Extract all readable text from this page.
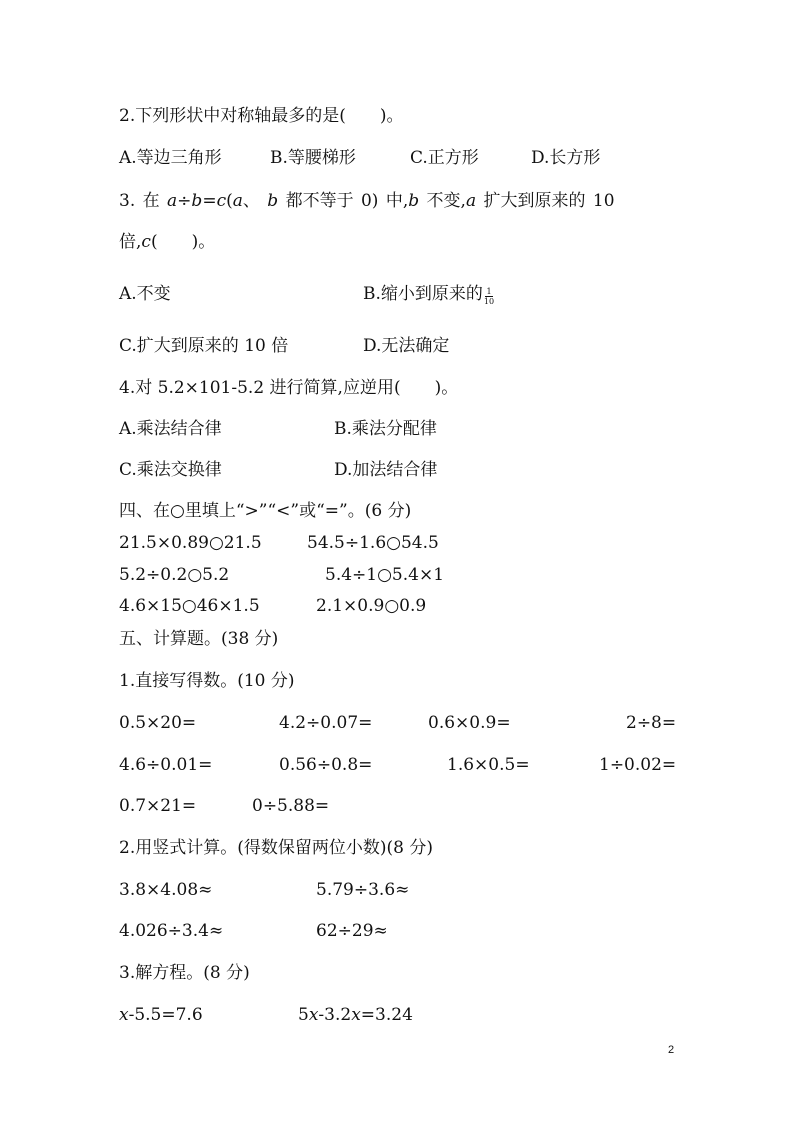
2.下列形状中对称轴最多的是(　　)。
A.等边三角形	B.等腰梯形	C.正方形	D.长方形
3. 在 a÷b=c(a、 b 都不等于 0) 中,b 不变,a 扩大到原来的 10
倍,c(　　)。
A.不变	B.缩小到原来的 $\frac{1}{10}$
C.扩大到原来的 10 倍	D.无法确定
4.对 5.2×101-5.2 进行简算,应逆用(　　)。
A.乘法结合律	B.乘法分配律
C.乘法交换律	D.加法结合律
四、在○里填上“>”“<”或“=”。(6 分)
21.5×0.89○21.5	54.5÷1.6○54.5
5.2÷0.2○5.2	5.4÷1○5.4×1
4.6×15○46×1.5	2.1×0.9○0.9
五、计算题。(38 分)
1.直接写得数。(10 分)
0.5×20=	4.2÷0.07=	0.6×0.9=	2÷8=
4.6÷0.01=	0.56÷0.8=	1.6×0.5=	1÷0.02=
0.7×21=	0÷5.88=
2.用竖式计算。(得数保留两位小数)(8 分)
3.8×4.08≈	5.79÷3.6≈
4.026÷3.4≈	62÷29≈
3.解方程。(8 分)
x-5.5=7.6	5x-3.2x=3.24
2
